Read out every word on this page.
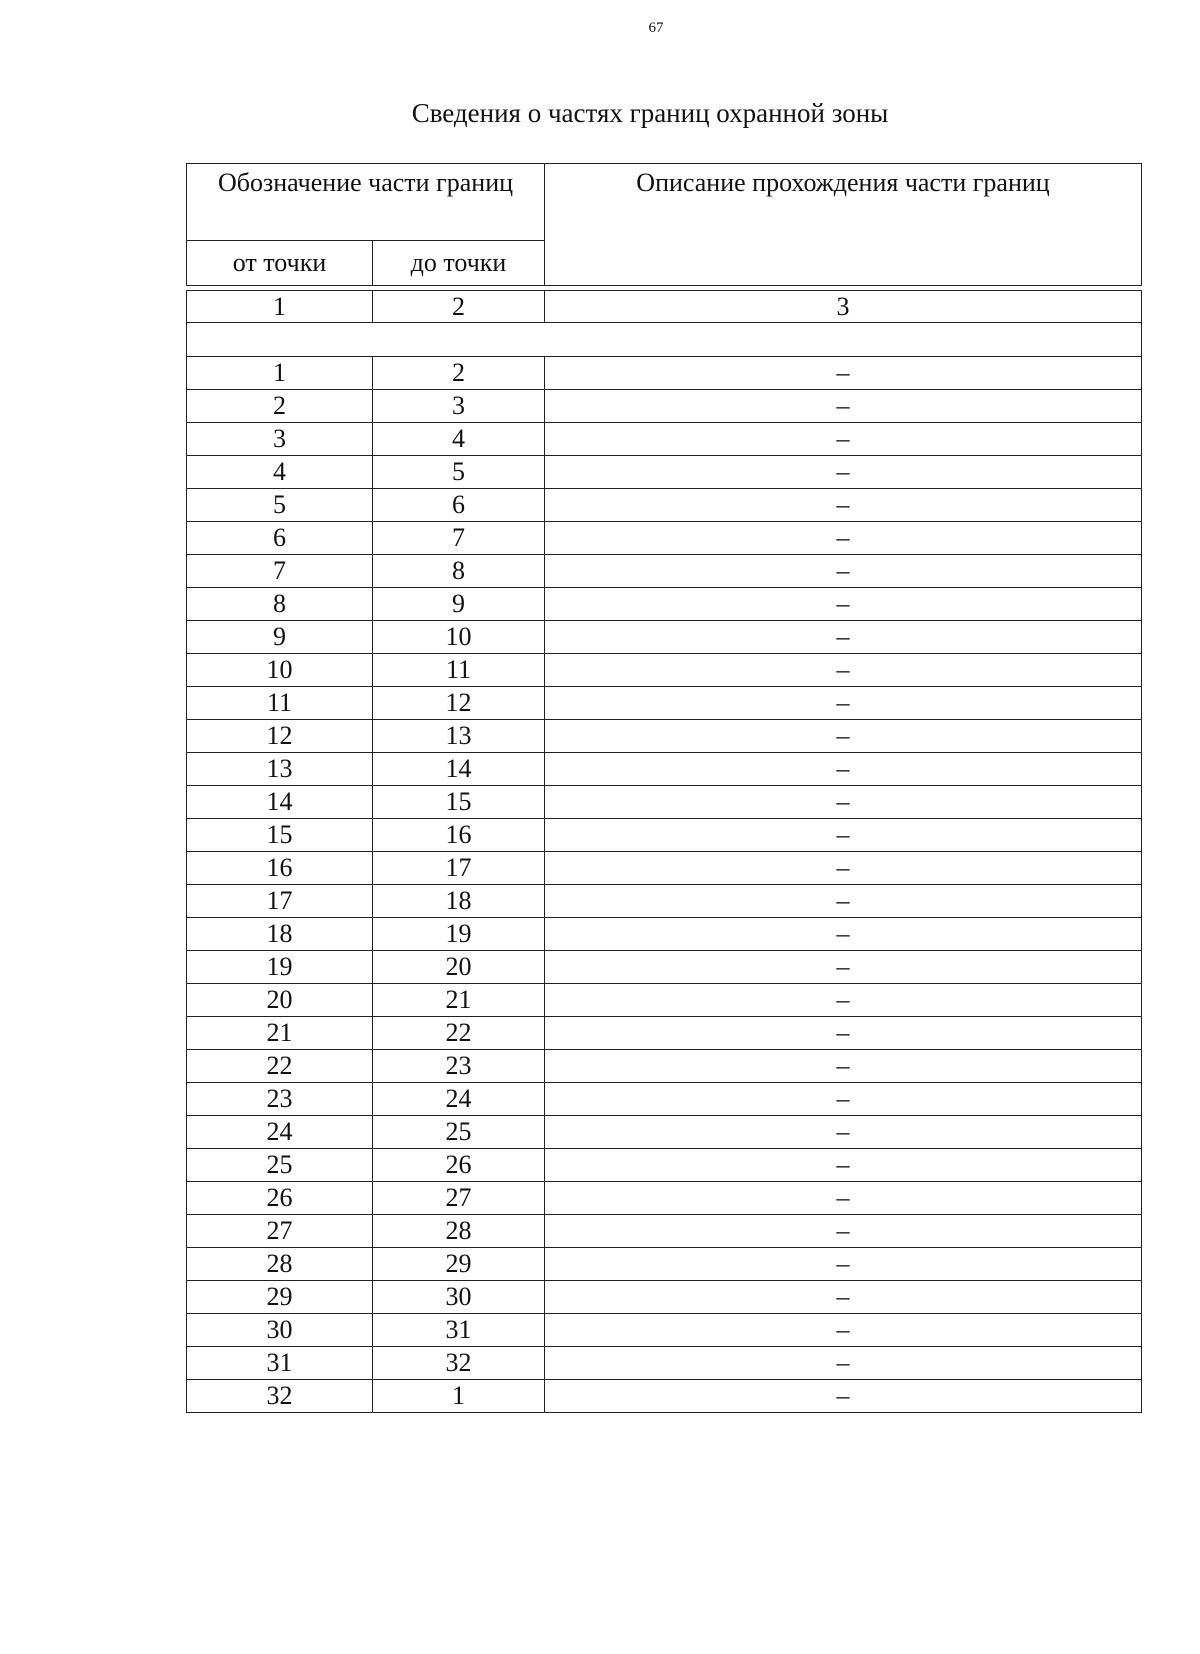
67
Сведения о частях границ охранной зоны
Обозначение части границ		Описание прохождения части границ
от точки	до точки	

1	2	3

1	2	–
2	3	–
3	4	–
4	5	–
5	6	–
6	7	–
7	8	–
8	9	–
9	10	–
10	11	–
11	12	–
12	13	–
13	14	–
14	15	–
15	16	–
16	17	–
17	18	–
18	19	–
19	20	–
20	21	–
21	22	–
22	23	–
23	24	–
24	25	–
25	26	–
26	27	–
27	28	–
28	29	–
29	30	–
30	31	–
31	32	–
32	1	–
